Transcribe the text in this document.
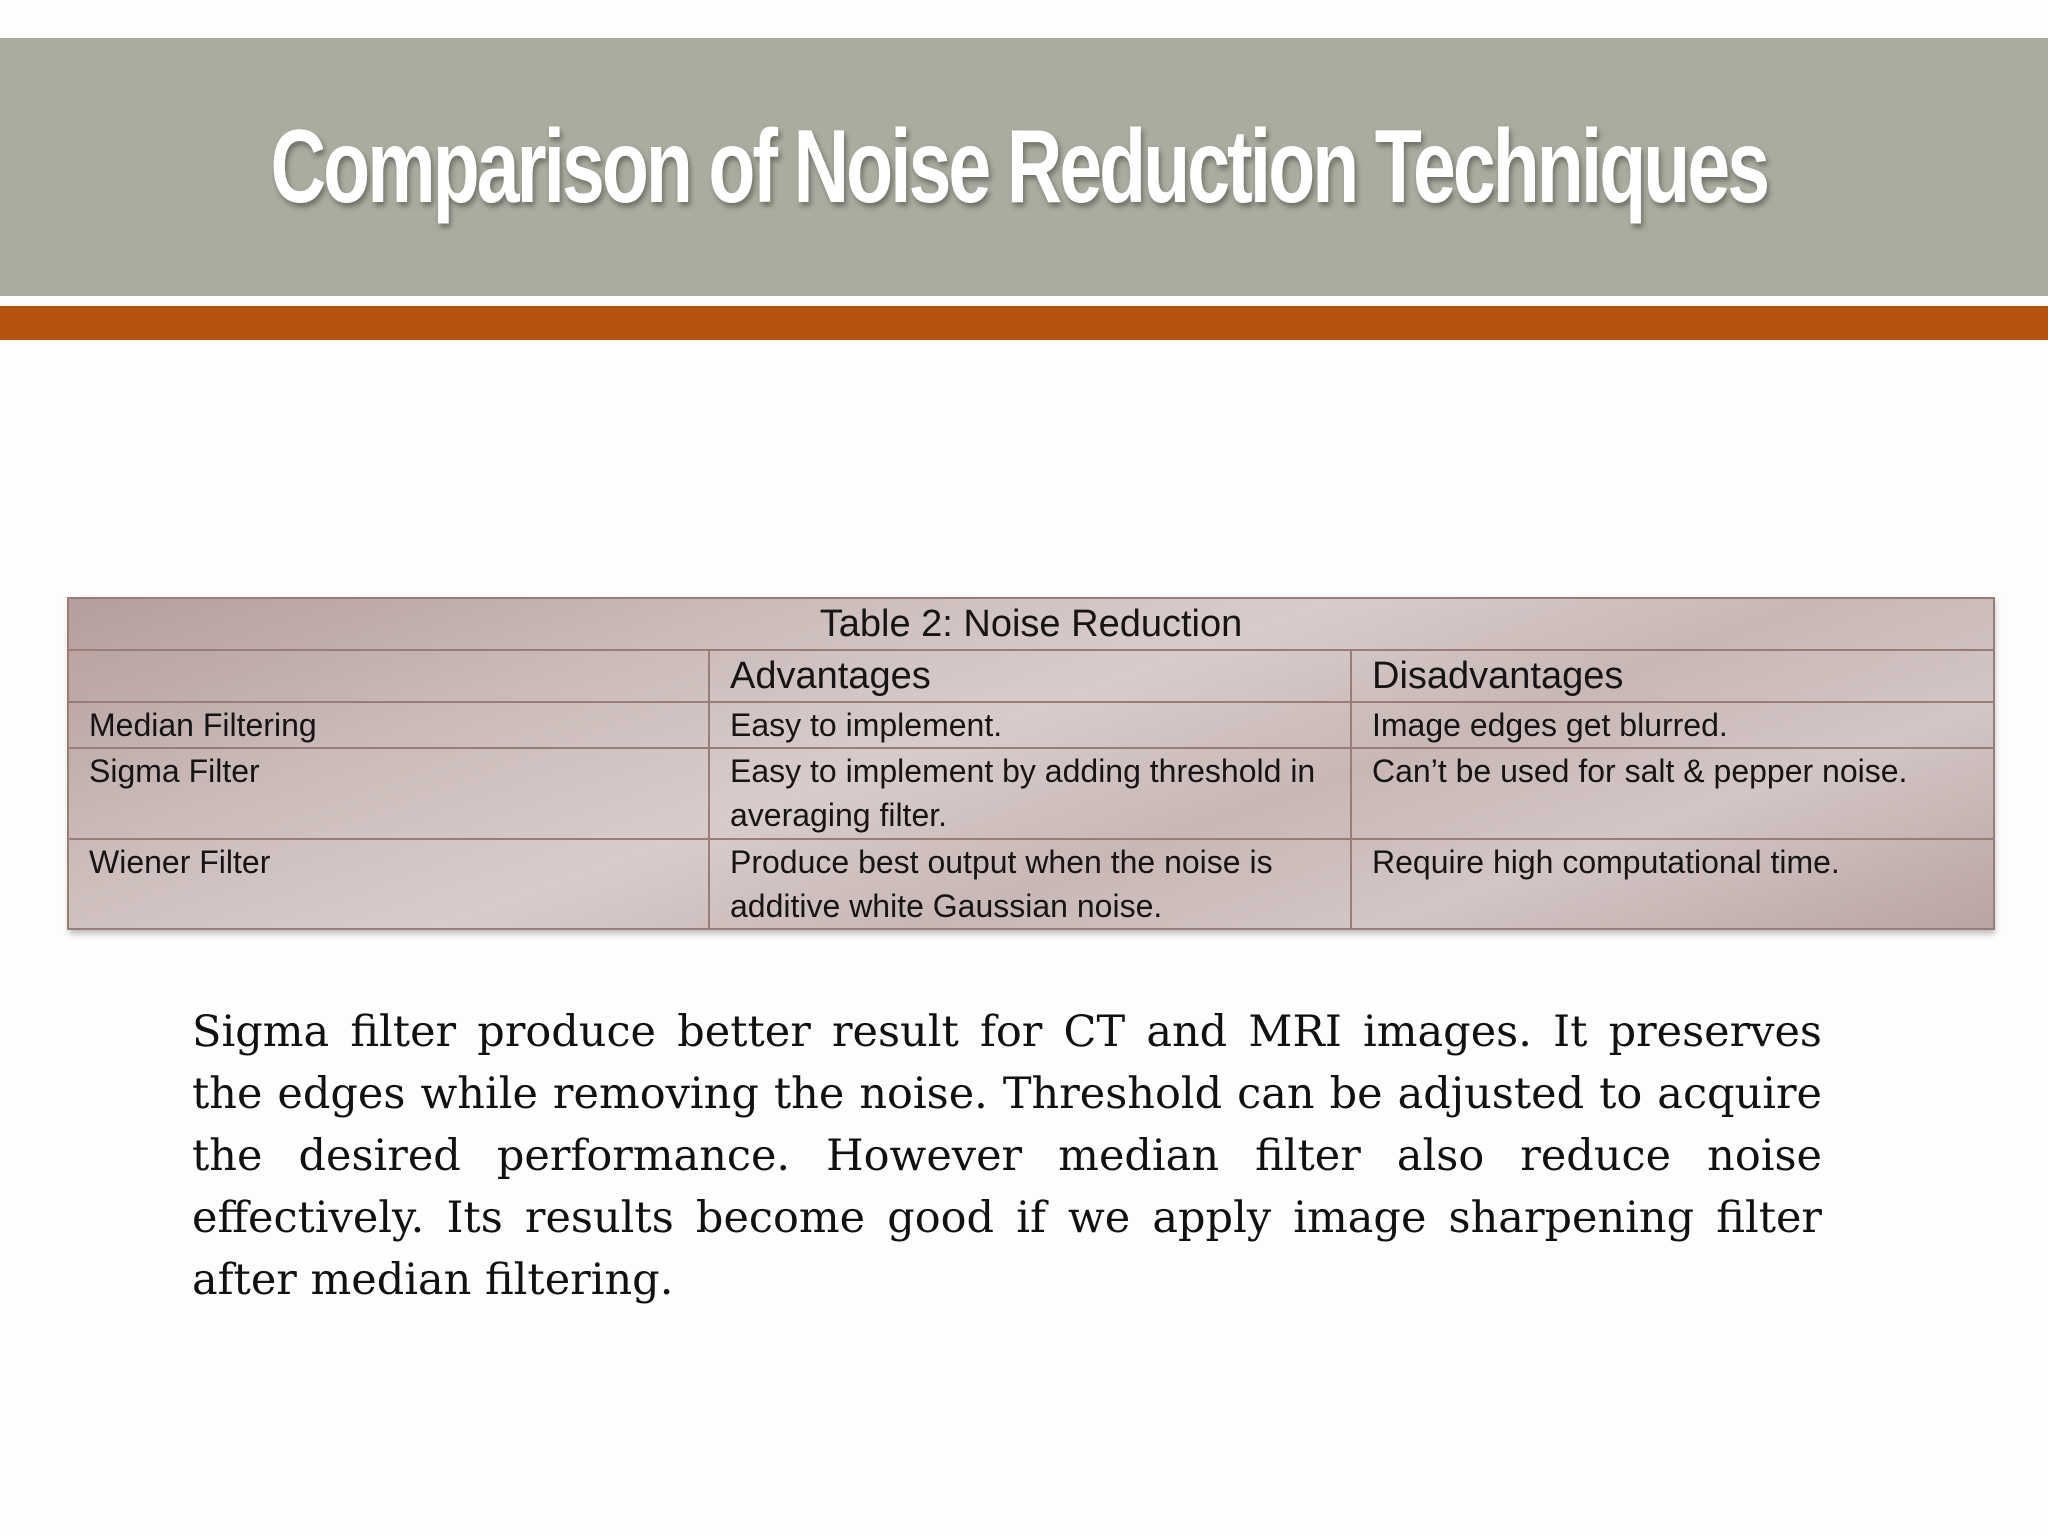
Comparison of Noise Reduction Techniques
Table 2: Noise Reduction		
	Advantages	Disadvantages
Median Filtering	Easy to implement.	Image edges get blurred.
Sigma Filter	Easy to implement by adding threshold in averaging filter.	Can’t be used for salt & pepper noise.
Wiener Filter	Produce best output when the noise is additive white Gaussian noise.	Require high computational time.

Sigma filter produce better result for CT and MRI images. It preserves the edges while removing the noise. Threshold can be adjusted to acquire the desired performance. However median filter also reduce noise effectively. Its results become good if we apply image sharpening filter after median filtering.
